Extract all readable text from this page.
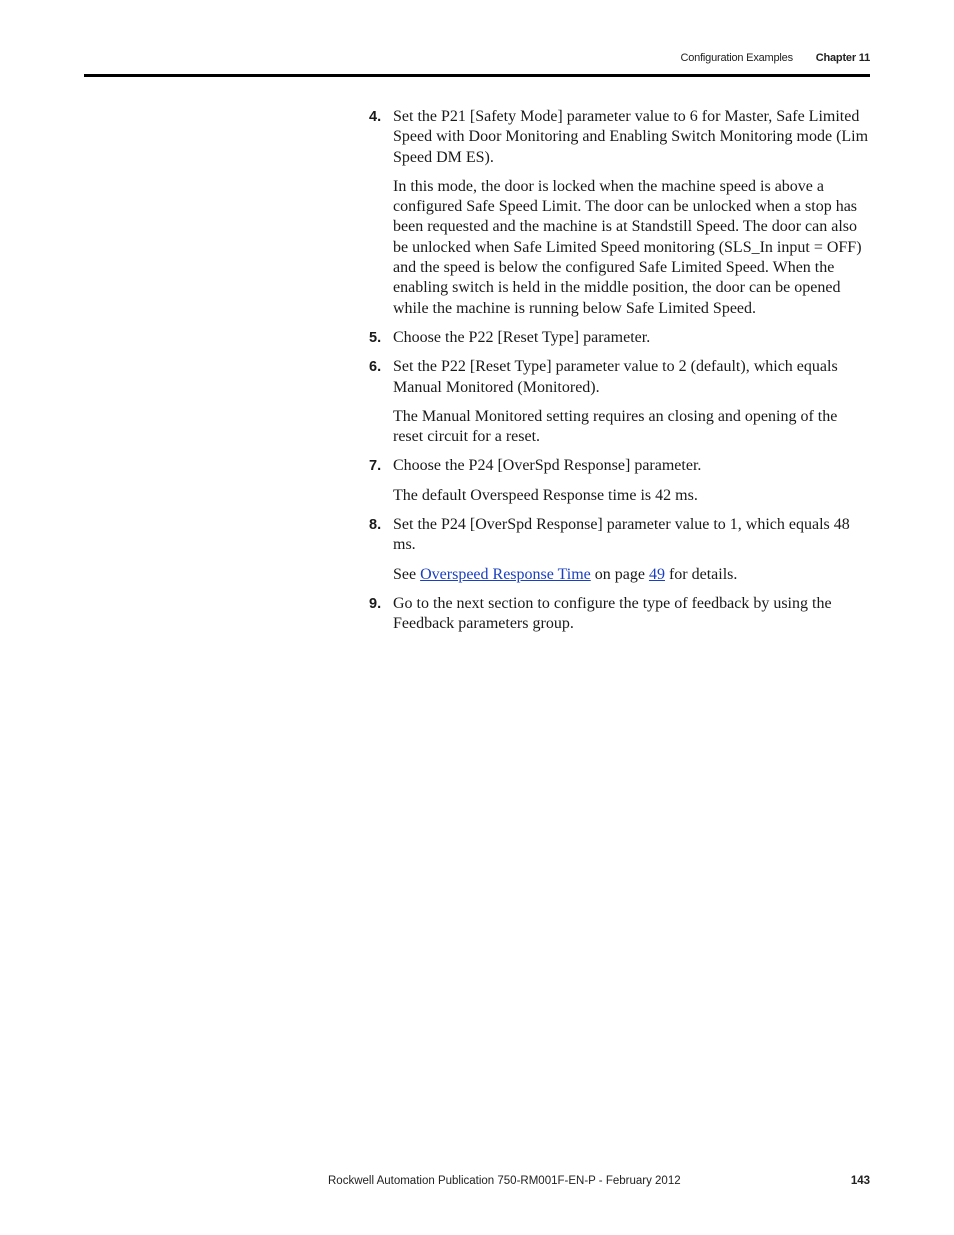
Configuration Examples Chapter 11
4. Set the P21 [Safety Mode] parameter value to 6 for Master, Safe Limited Speed with Door Monitoring and Enabling Switch Monitoring mode (Lim Speed DM ES).
In this mode, the door is locked when the machine speed is above a configured Safe Speed Limit. The door can be unlocked when a stop has been requested and the machine is at Standstill Speed. The door can also be unlocked when Safe Limited Speed monitoring (SLS_In input = OFF) and the speed is below the configured Safe Limited Speed. When the enabling switch is held in the middle position, the door can be opened while the machine is running below Safe Limited Speed.
5. Choose the P22 [Reset Type] parameter.
6. Set the P22 [Reset Type] parameter value to 2 (default), which equals Manual Monitored (Monitored).
The Manual Monitored setting requires an closing and opening of the reset circuit for a reset.
7. Choose the P24 [OverSpd Response] parameter.
The default Overspeed Response time is 42 ms.
8. Set the P24 [OverSpd Response] parameter value to 1, which equals 48 ms.
See Overspeed Response Time on page 49 for details.
9. Go to the next section to configure the type of feedback by using the Feedback parameters group.
Rockwell Automation Publication 750-RM001F-EN-P - February 2012	143
